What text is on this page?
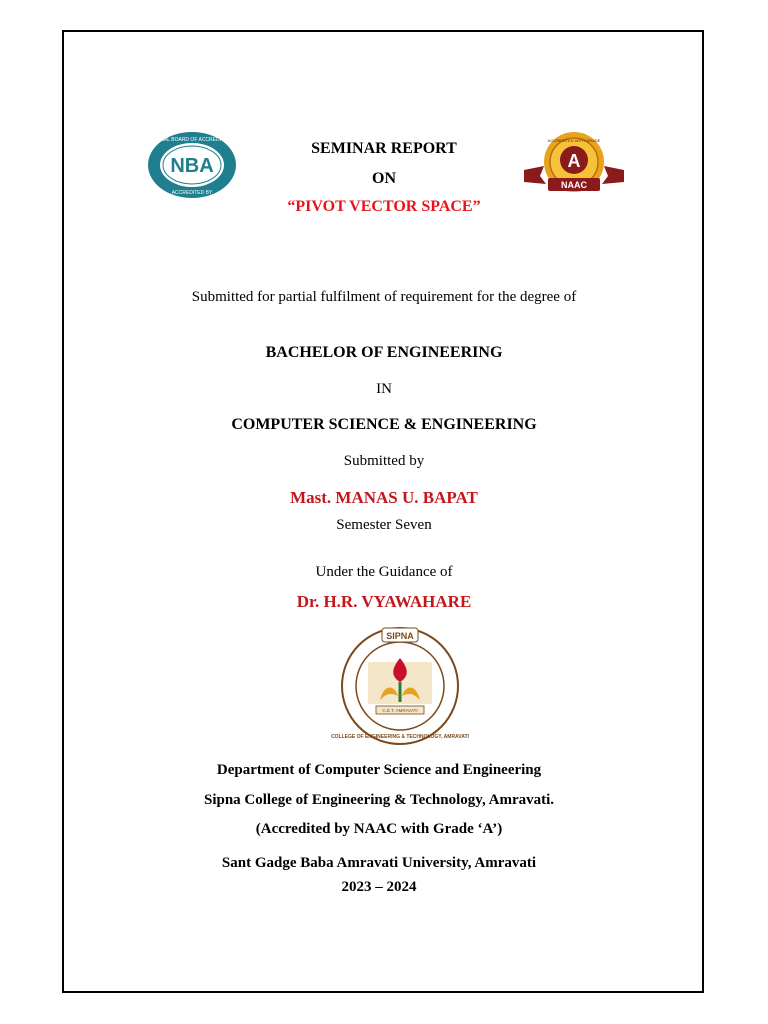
NBA
NATIONAL BOARD OF ACCREDITATION
ACCREDITED BY
A
ACCREDITED WITH GRADE
NAAC
SEMINAR REPORT
ON
“PIVOT VECTOR SPACE”
Submitted for partial fulfilment of requirement for the degree of
BACHELOR OF ENGINEERING
IN
COMPUTER SCIENCE & ENGINEERING
Submitted by
Mast. MANAS U. BAPAT
Semester Seven
Under the Guidance of
Dr. H.R. VYAWAHARE
SIPNA
C.E.T. AMRAVATI
COLLEGE OF ENGINEERING & TECHNOLOGY, AMRAVATI
Department of Computer Science and Engineering
Sipna College of Engineering & Technology, Amravati.
(Accredited by NAAC with Grade ‘A’)
Sant Gadge Baba Amravati University, Amravati
2023 – 2024
